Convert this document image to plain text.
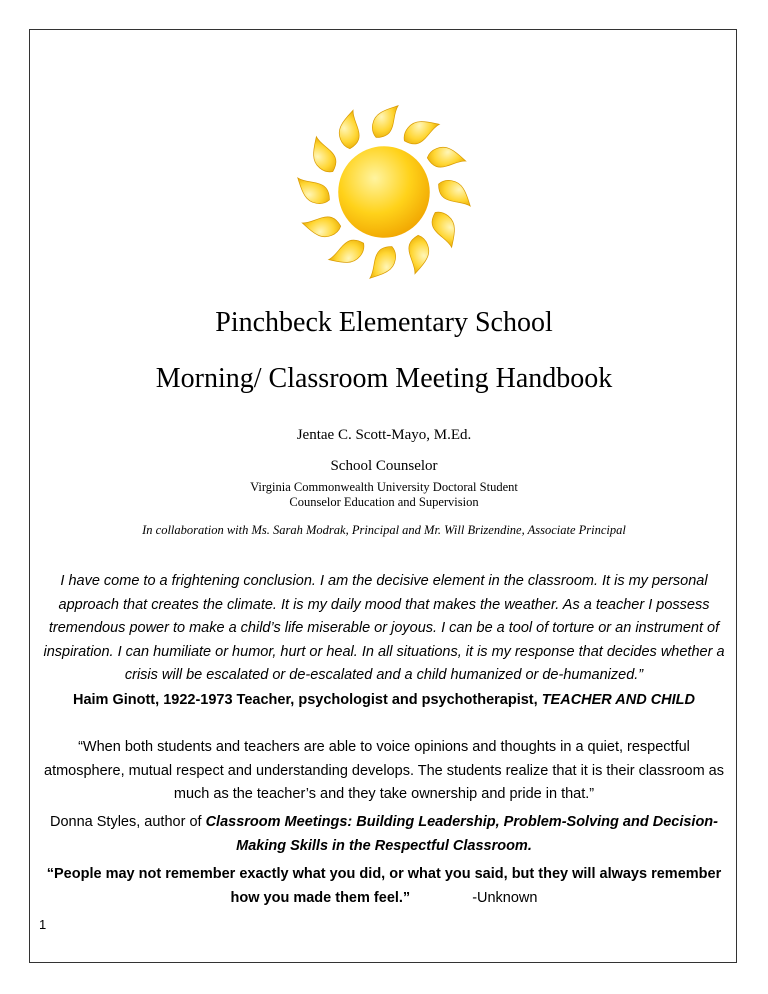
Pinchbeck Elementary School
Morning/ Classroom Meeting Handbook
Jentae C. Scott-Mayo, M.Ed.
School Counselor
Virginia Commonwealth University Doctoral Student
Counselor Education and Supervision
In collaboration with Ms. Sarah Modrak, Principal and Mr. Will Brizendine, Associate Principal
I have come to a frightening conclusion. I am the decisive element in the classroom. It is my personal approach that creates the climate. It is my daily mood that makes the weather. As a teacher I possess tremendous power to make a child’s life miserable or joyous. I can be a tool of torture or an instrument of inspiration. I can humiliate or humor, hurt or heal. In all situations, it is my response that decides whether a crisis will be escalated or de-escalated and a child humanized or de-humanized.”
Haim Ginott, 1922-1973 Teacher, psychologist and psychotherapist, TEACHER AND CHILD
“When both students and teachers are able to voice opinions and thoughts in a quiet, respectful atmosphere, mutual respect and understanding develops. The students realize that it is their classroom as much as the teacher’s and they take ownership and pride in that.”
Donna Styles, author of Classroom Meetings: Building Leadership, Problem-Solving and Decision-Making Skills in the Respectful Classroom.
“People may not remember exactly what you did, or what you said, but they will always remember how you made them feel.”	-Unknown
1
